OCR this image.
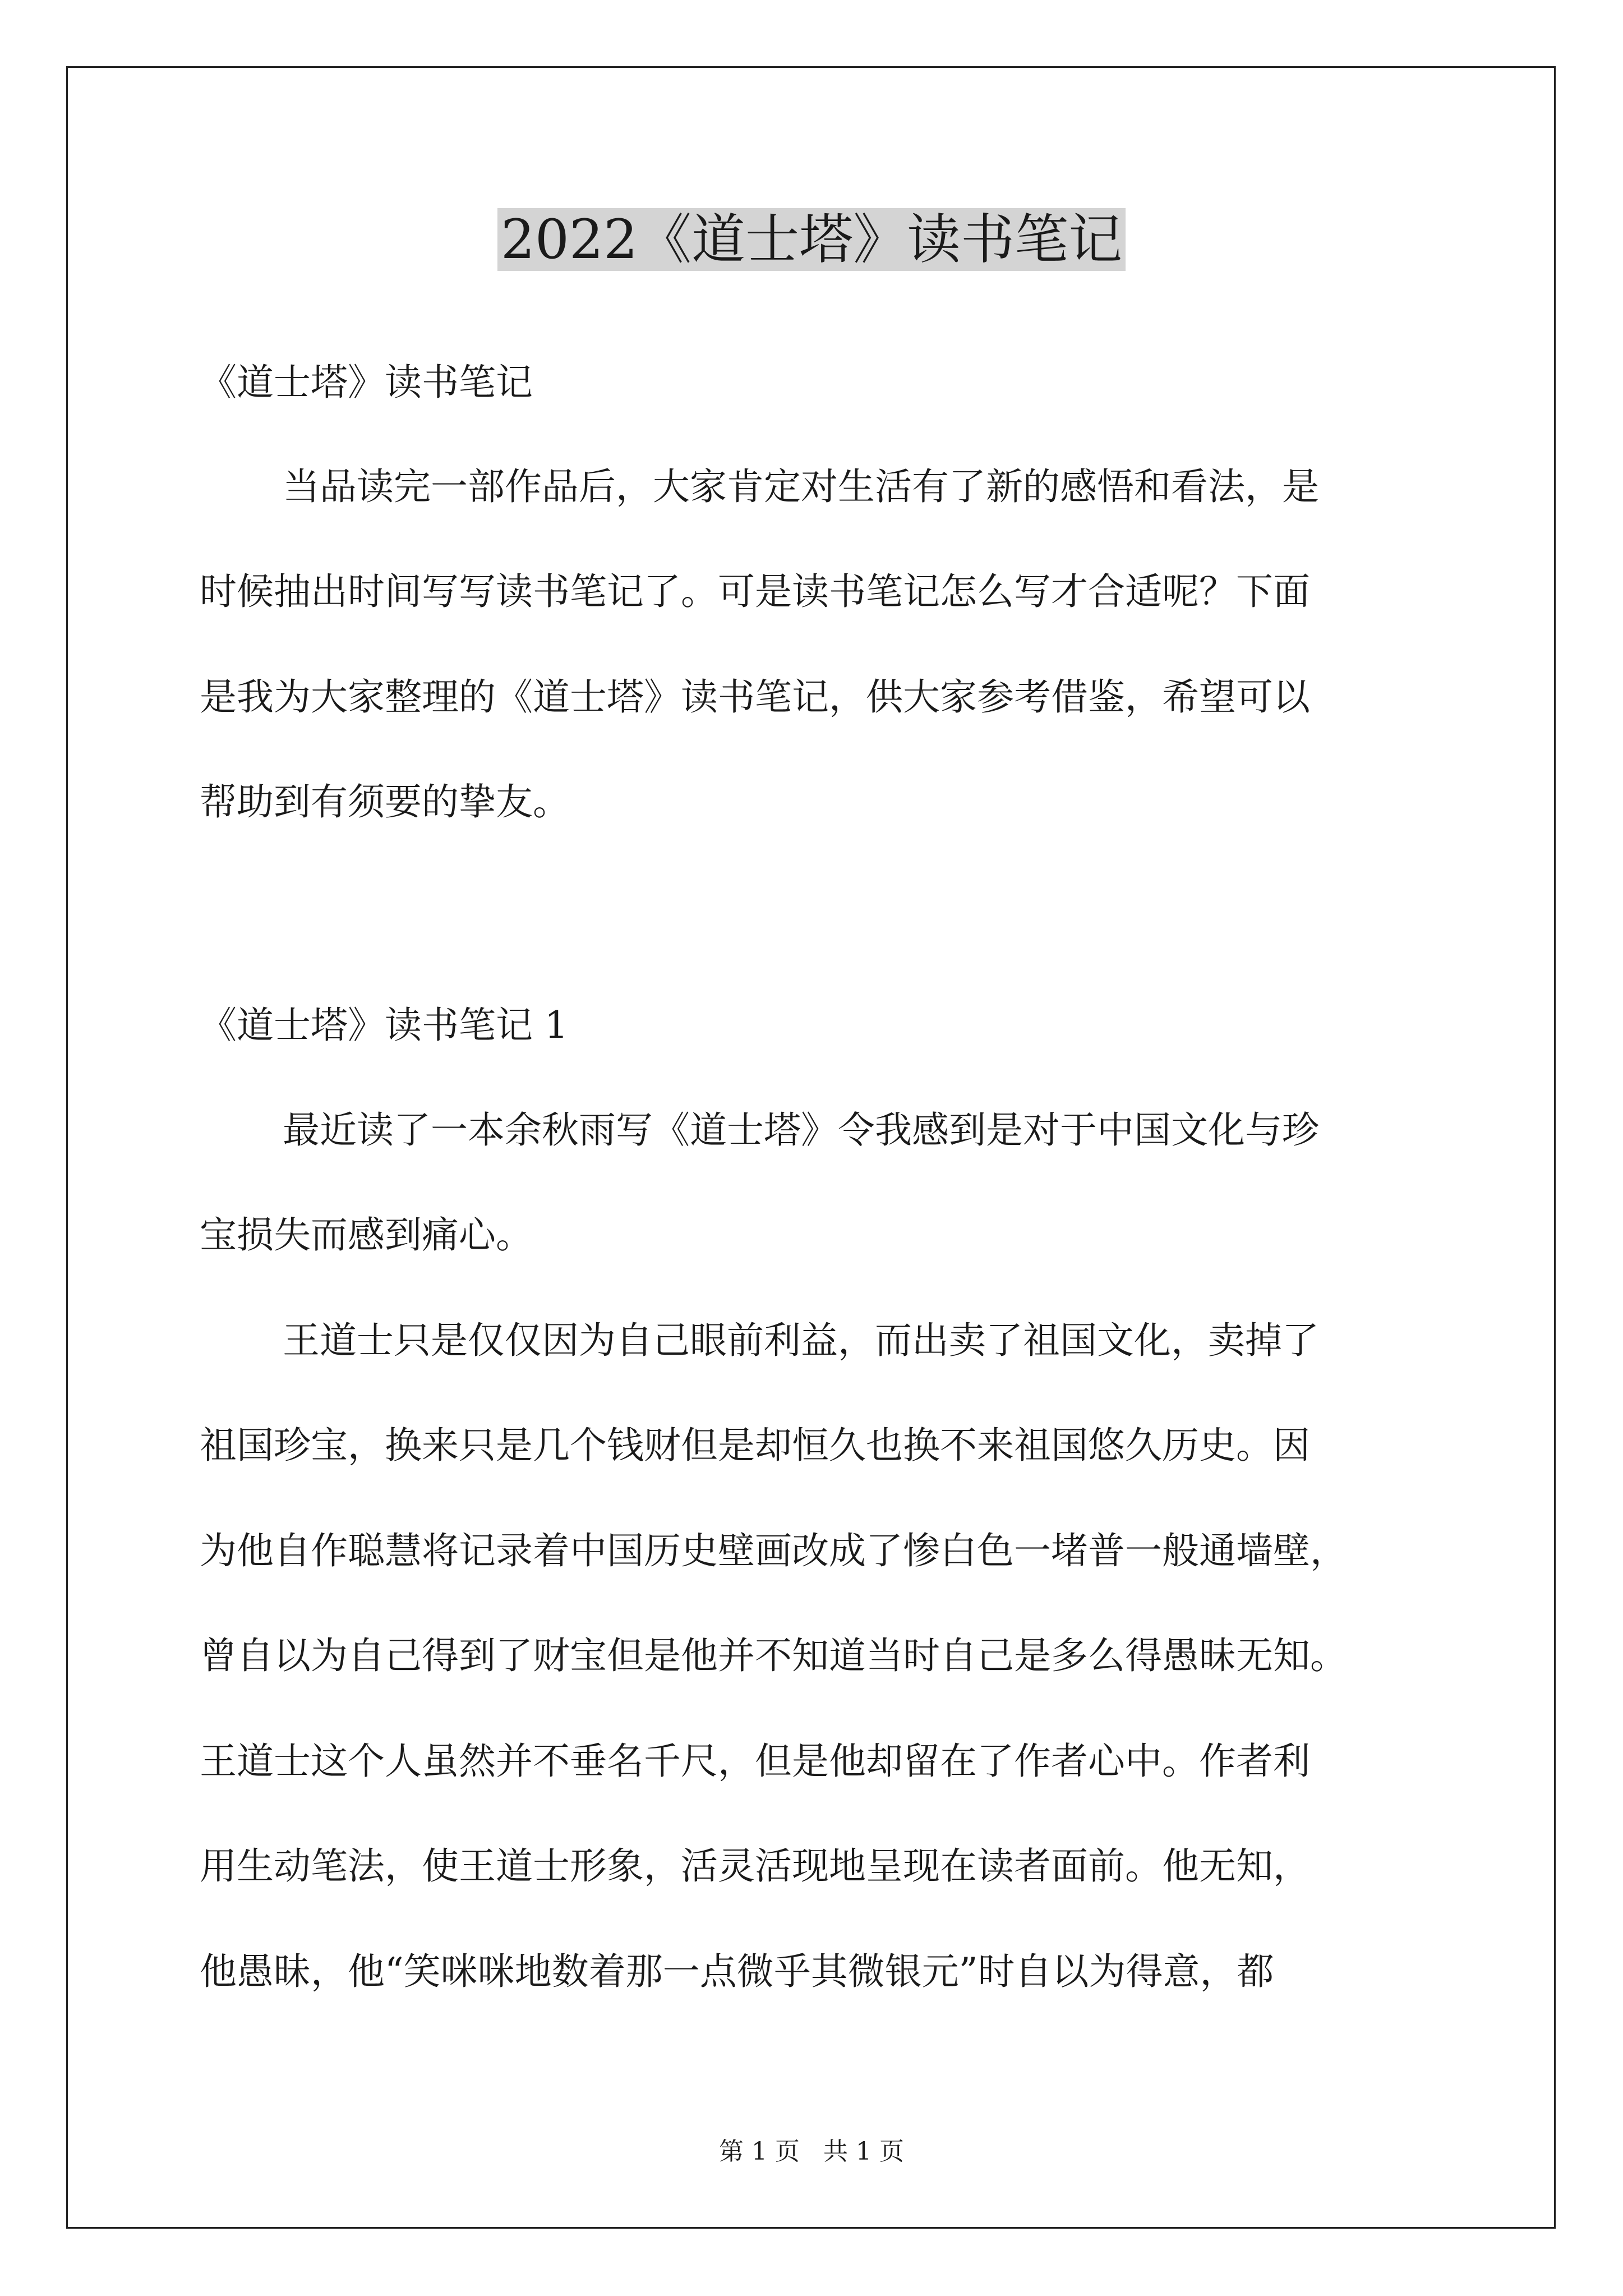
2022《道士塔》读书笔记

《道士塔》读书笔记

当品读完一部作品后，大家肯定对生活有了新的感悟和看法，是

时候抽出时间写写读书笔记了。可是读书笔记怎么写才合适呢？下面

是我为大家整理的《道士塔》读书笔记，供大家参考借鉴，希望可以

帮助到有须要的挚友。

《道士塔》读书笔记 1

最近读了一本余秋雨写《道士塔》令我感到是对于中国文化与珍

宝损失而感到痛心。

王道士只是仅仅因为自己眼前利益，而出卖了祖国文化，卖掉了

祖国珍宝，换来只是几个钱财但是却恒久也换不来祖国悠久历史。因

为他自作聪慧将记录着中国历史壁画改成了惨白色一堵普一般通墙壁，

曾自以为自己得到了财宝但是他并不知道当时自己是多么得愚昧无知。

王道士这个人虽然并不垂名千尺，但是他却留在了作者心中。作者利

用生动笔法，使王道士形象，活灵活现地呈现在读者面前。他无知，

他愚昧，他“笑咪咪地数着那一点微乎其微银元”时自以为得意，都

第 1 页 共 1 页
